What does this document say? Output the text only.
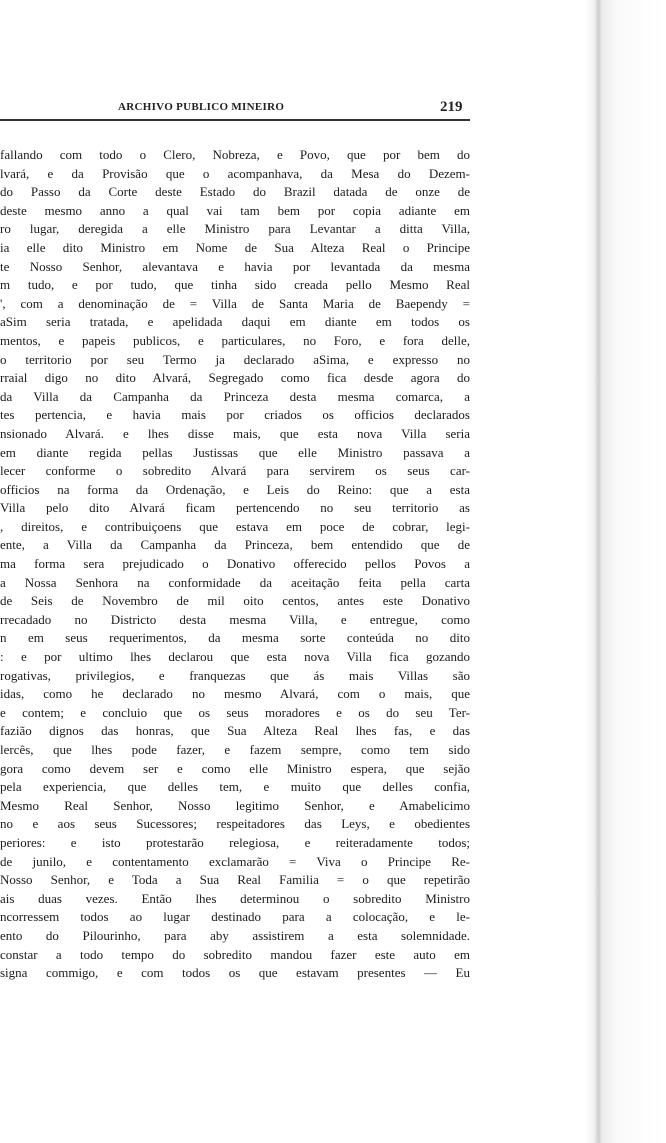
ARCHIVO PUBLICO MINEIRO	219
fallando com todo o Clero, Nobreza, e Povo, que por bem do
lvará, e da Provisão que o acompanhava, da Mesa do Dezem-
do Passo da Corte deste Estado do Brazil datada de onze de
deste mesmo anno a qual vai tam bem por copia adiante em
ro lugar, deregida a elle Ministro para Levantar a ditta Villa,
ia elle dito Ministro em Nome de Sua Alteza Real o Principe
te Nosso Senhor, alevantava e havia por levantada da mesma
m tudo, e por tudo, que tinha sido creada pello Mesmo Real
', com a denominação de = Villa de Santa Maria de Baependy =
aSim seria tratada, e apelidada daqui em diante em todos os
mentos, e papeis publicos, e particulares, no Foro, e fora delle,
o territorio por seu Termo ja declarado aSima, e expresso no
rraial digo no dito Alvará, Segregado como fica desde agora do
da Villa da Campanha da Princeza desta mesma comarca, a
tes pertencia, e havia mais por criados os officios declarados
nsionado Alvará. e lhes disse mais, que esta nova Villa seria
em diante regida pellas Justissas que elle Ministro passava a
lecer conforme o sobredito Alvará para servirem os seus car-
officios na forma da Ordenação, e Leis do Reino: que a esta
Villa pelo dito Alvará ficam pertencendo no seu territorio as
, direitos, e contribuiçoens que estava em poce de cobrar, legi-
ente, a Villa da Campanha da Princeza, bem entendido que de
ma forma sera prejudicado o Donativo offerecido pellos Povos a
a Nossa Senhora na conformidade da aceitação feita pella carta
de Seis de Novembro de mil oito centos, antes este Donativo
rrecadado no Districto desta mesma Villa, e entregue, como
n em seus requerimentos, da mesma sorte conteúda no dito
: e por ultimo lhes declarou que esta nova Villa fica gozando
rogativas, privilegios, e franquezas que ás mais Villas são
idas, como he declarado no mesmo Alvará, com o mais, que
e contem; e concluio que os seus moradores e os do seu Ter-
fazião dignos das honras, que Sua Alteza Real lhes fas, e das
lercês, que lhes pode fazer, e fazem sempre, como tem sido
gora como devem ser e como elle Ministro espera, que sejão
pela experiencia, que delles tem, e muito que delles confia,
Mesmo Real Senhor, Nosso legitimo Senhor, e Amabelicimo
no e aos seus Sucessores; respeitadores das Leys, e obedientes
periores: e isto protestarão relegiosa, e reiteradamente todos;
de junilo, e contentamento exclamarão = Viva o Principe Re-
Nosso Senhor, e Toda a Sua Real Familia = o que repetirão
ais duas vezes. Então lhes determinou o sobredito Ministro
ncorressem todos ao lugar destinado para a colocação, e le-
ento do Pilourinho, para aby assistirem a esta solemnidade.
constar a todo tempo do sobredito mandou fazer este auto em
signa commigo, e com todos os que estavam presentes — Eu
